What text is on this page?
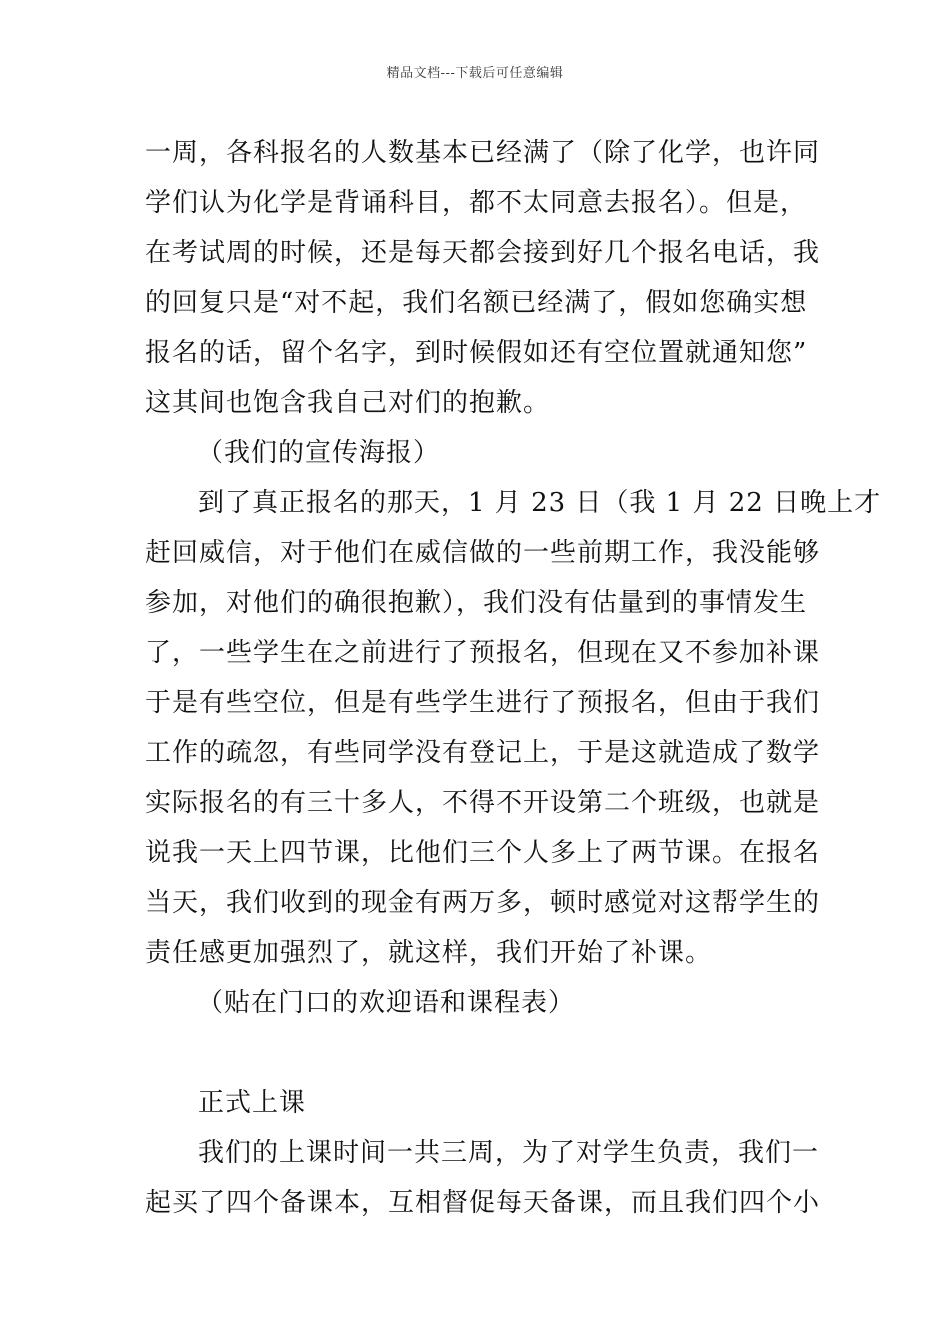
精品文档---下载后可任意编辑
一周，各科报名的人数基本已经满了（除了化学，也许同
学们认为化学是背诵科目，都不太同意去报名）。但是，
在考试周的时候，还是每天都会接到好几个报名电话，我
的回复只是“对不起，我们名额已经满了，假如您确实想
报名的话，留个名字，到时候假如还有空位置就通知您”
这其间也饱含我自己对们的抱歉。
（我们的宣传海报）
到了真正报名的那天，1 月 23 日（我 1 月 22 日晚上才
赶回威信，对于他们在威信做的一些前期工作，我没能够
参加，对他们的确很抱歉），我们没有估量到的事情发生
了，一些学生在之前进行了预报名，但现在又不参加补课
于是有些空位，但是有些学生进行了预报名，但由于我们
工作的疏忽，有些同学没有登记上，于是这就造成了数学
实际报名的有三十多人，不得不开设第二个班级，也就是
说我一天上四节课，比他们三个人多上了两节课。在报名
当天，我们收到的现金有两万多，顿时感觉对这帮学生的
责任感更加强烈了，就这样，我们开始了补课。
（贴在门口的欢迎语和课程表）
正式上课
我们的上课时间一共三周，为了对学生负责，我们一
起买了四个备课本，互相督促每天备课，而且我们四个小
